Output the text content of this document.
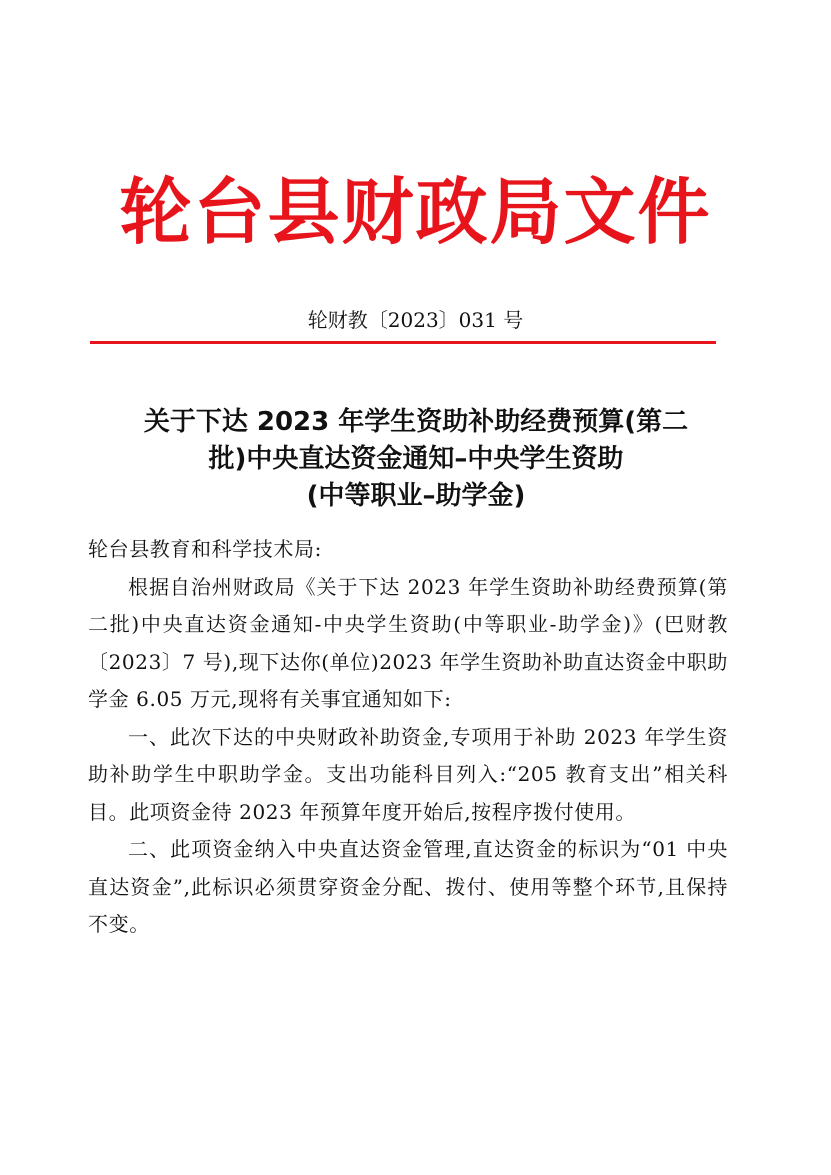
轮台县财政局文件
轮财教〔2023〕031 号
关于下达 2023 年学生资助补助经费预算(第二
批)中央直达资金通知–中央学生资助
(中等职业–助学金)

轮台县教育和科学技术局:

根据自治州财政局《关于下达 2023 年学生资助补助经费预算(第二批)中央直达资金通知-中央学生资助(中等职业-助学金)》(巴财教〔2023〕7 号),现下达你(单位)2023 年学生资助补助直达资金中职助学金 6.05 万元,现将有关事宜通知如下:

一、此次下达的中央财政补助资金,专项用于补助 2023 年学生资助补助学生中职助学金。支出功能科目列入:“205 教育支出”相关科目。此项资金待 2023 年预算年度开始后,按程序拨付使用。

二、此项资金纳入中央直达资金管理,直达资金的标识为“01 中央直达资金”,此标识必须贯穿资金分配、拨付、使用等整个环节,且保持不变。
